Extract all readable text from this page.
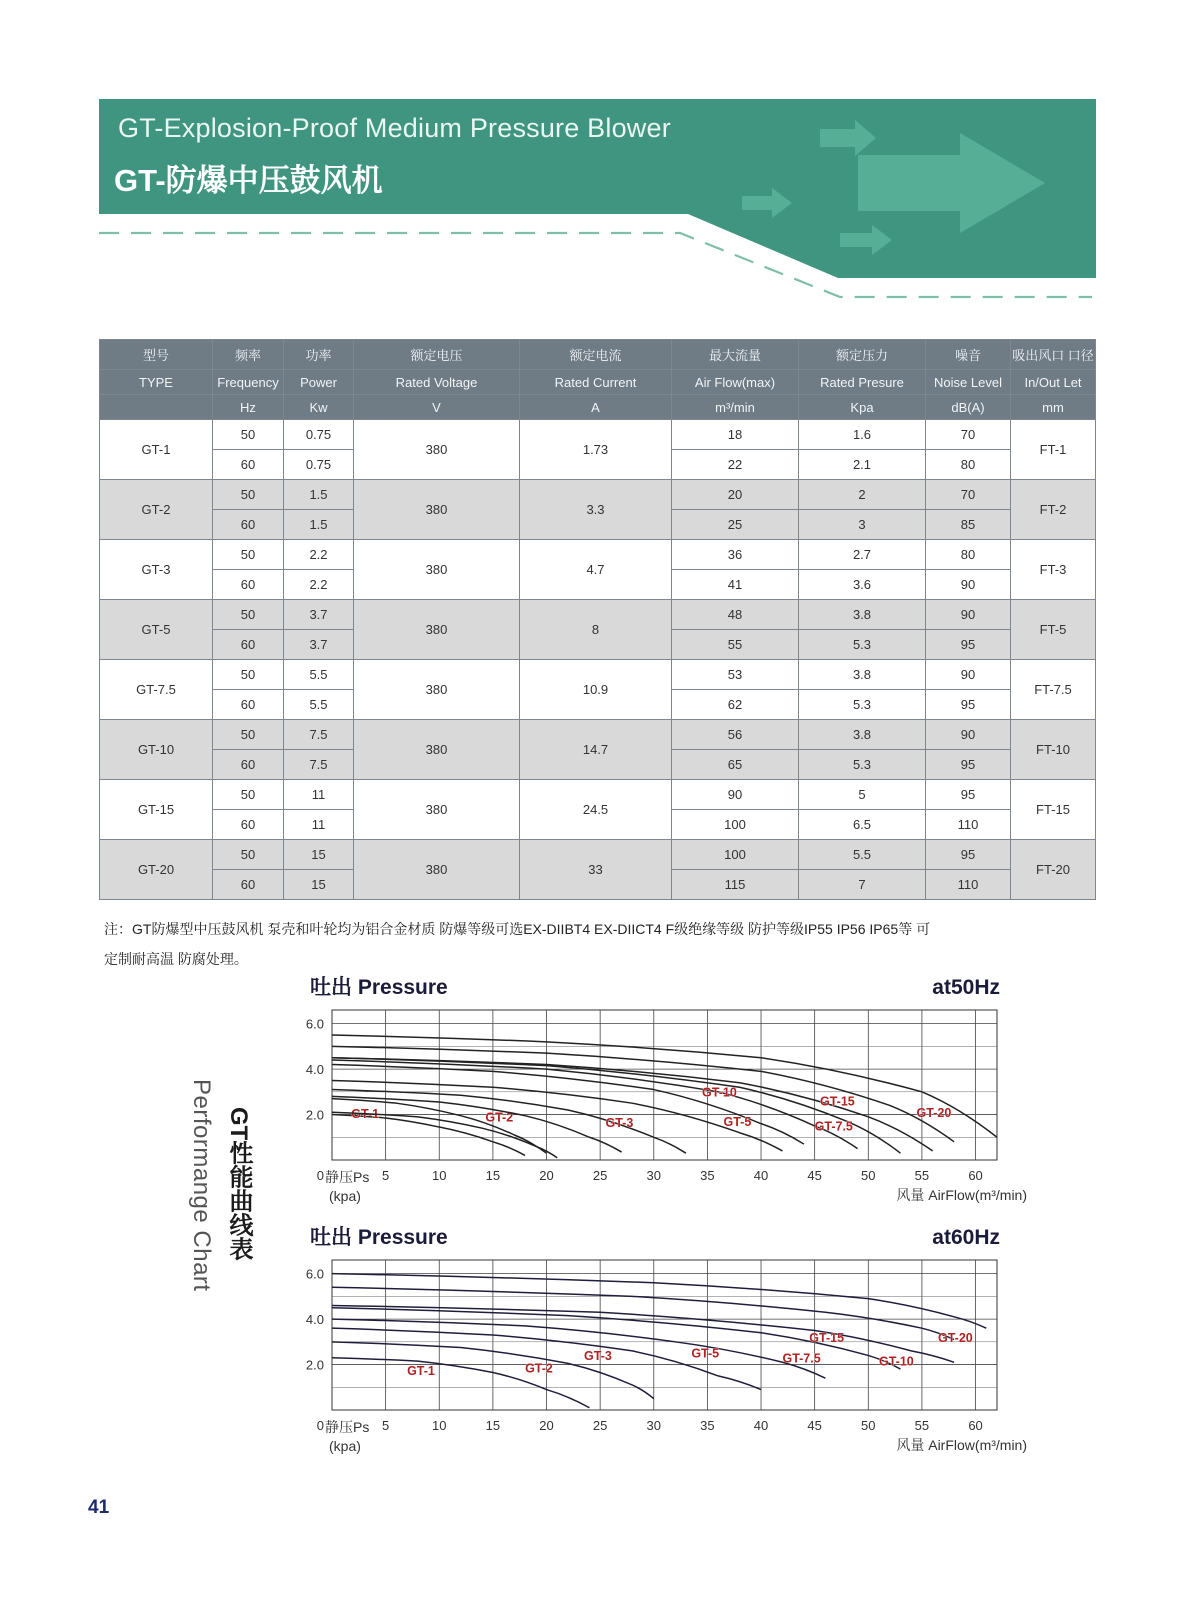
GT-Explosion-Proof Medium Pressure Blower
GT-防爆中压鼓风机
型号	频率	功率	额定电压	额定电流	最大流量	额定压力	噪音	吸出风口 口径
TYPE	Frequency	Power	Rated Voltage	Rated Current	Air Flow(max)	Rated Presure	Noise Level	In/Out Let
	Hz	Kw	V	A	m³/min	Kpa	dB(A)	mm
GT-1	50	0.75	380	1.73	18	1.6	70	FT-1
	60	0.75			22	2.1	80	
GT-2	50	1.5	380	3.3	20	2	70	FT-2
	60	1.5			25	3	85	
GT-3	50	2.2	380	4.7	36	2.7	80	FT-3
	60	2.2			41	3.6	90	
GT-5	50	3.7	380	8	48	3.8	90	FT-5
	60	3.7			55	5.3	95	
GT-7.5	50	5.5	380	10.9	53	3.8	90	FT-7.5
	60	5.5			62	5.3	95	
GT-10	50	7.5	380	14.7	56	3.8	90	FT-10
	60	7.5			65	5.3	95	
GT-15	50	11	380	24.5	90	5	95	FT-15
	60	11			100	6.5	110	
GT-20	50	15	380	33	100	5.5	95	FT-20
	60	15			115	7	110	
注：GT防爆型中压鼓风机 泵壳和叶轮均为铝合金材质 防爆等级可选EX-DIIBT4 EX-DIICT4 F级绝缘等级 防护等级IP55 IP56 IP65等 可
定制耐高温 防腐处理。
GT性能曲线表
Performange Chart
吐出 Pressure	at50Hz
5	10	15	20	25	30	35	40	45	50	55	60
0
2.0
4.0
6.0
静压Ps
(kpa)	风量 AirFlow(m³/min)
GT-1	GT-2	GT-3	GT-5	GT-7.5
GT-10
GT-15
GT-20
吐出 Pressure	at60Hz
5	10	15	20	25	30	35	40	45	50	55	60
0
2.0
4.0
6.0
静压Ps
(kpa)	风量 AirFlow(m³/min)
GT-1	GT-2
GT-3	GT-5	GT-7.5	GT-10
GT-15	GT-20
41
